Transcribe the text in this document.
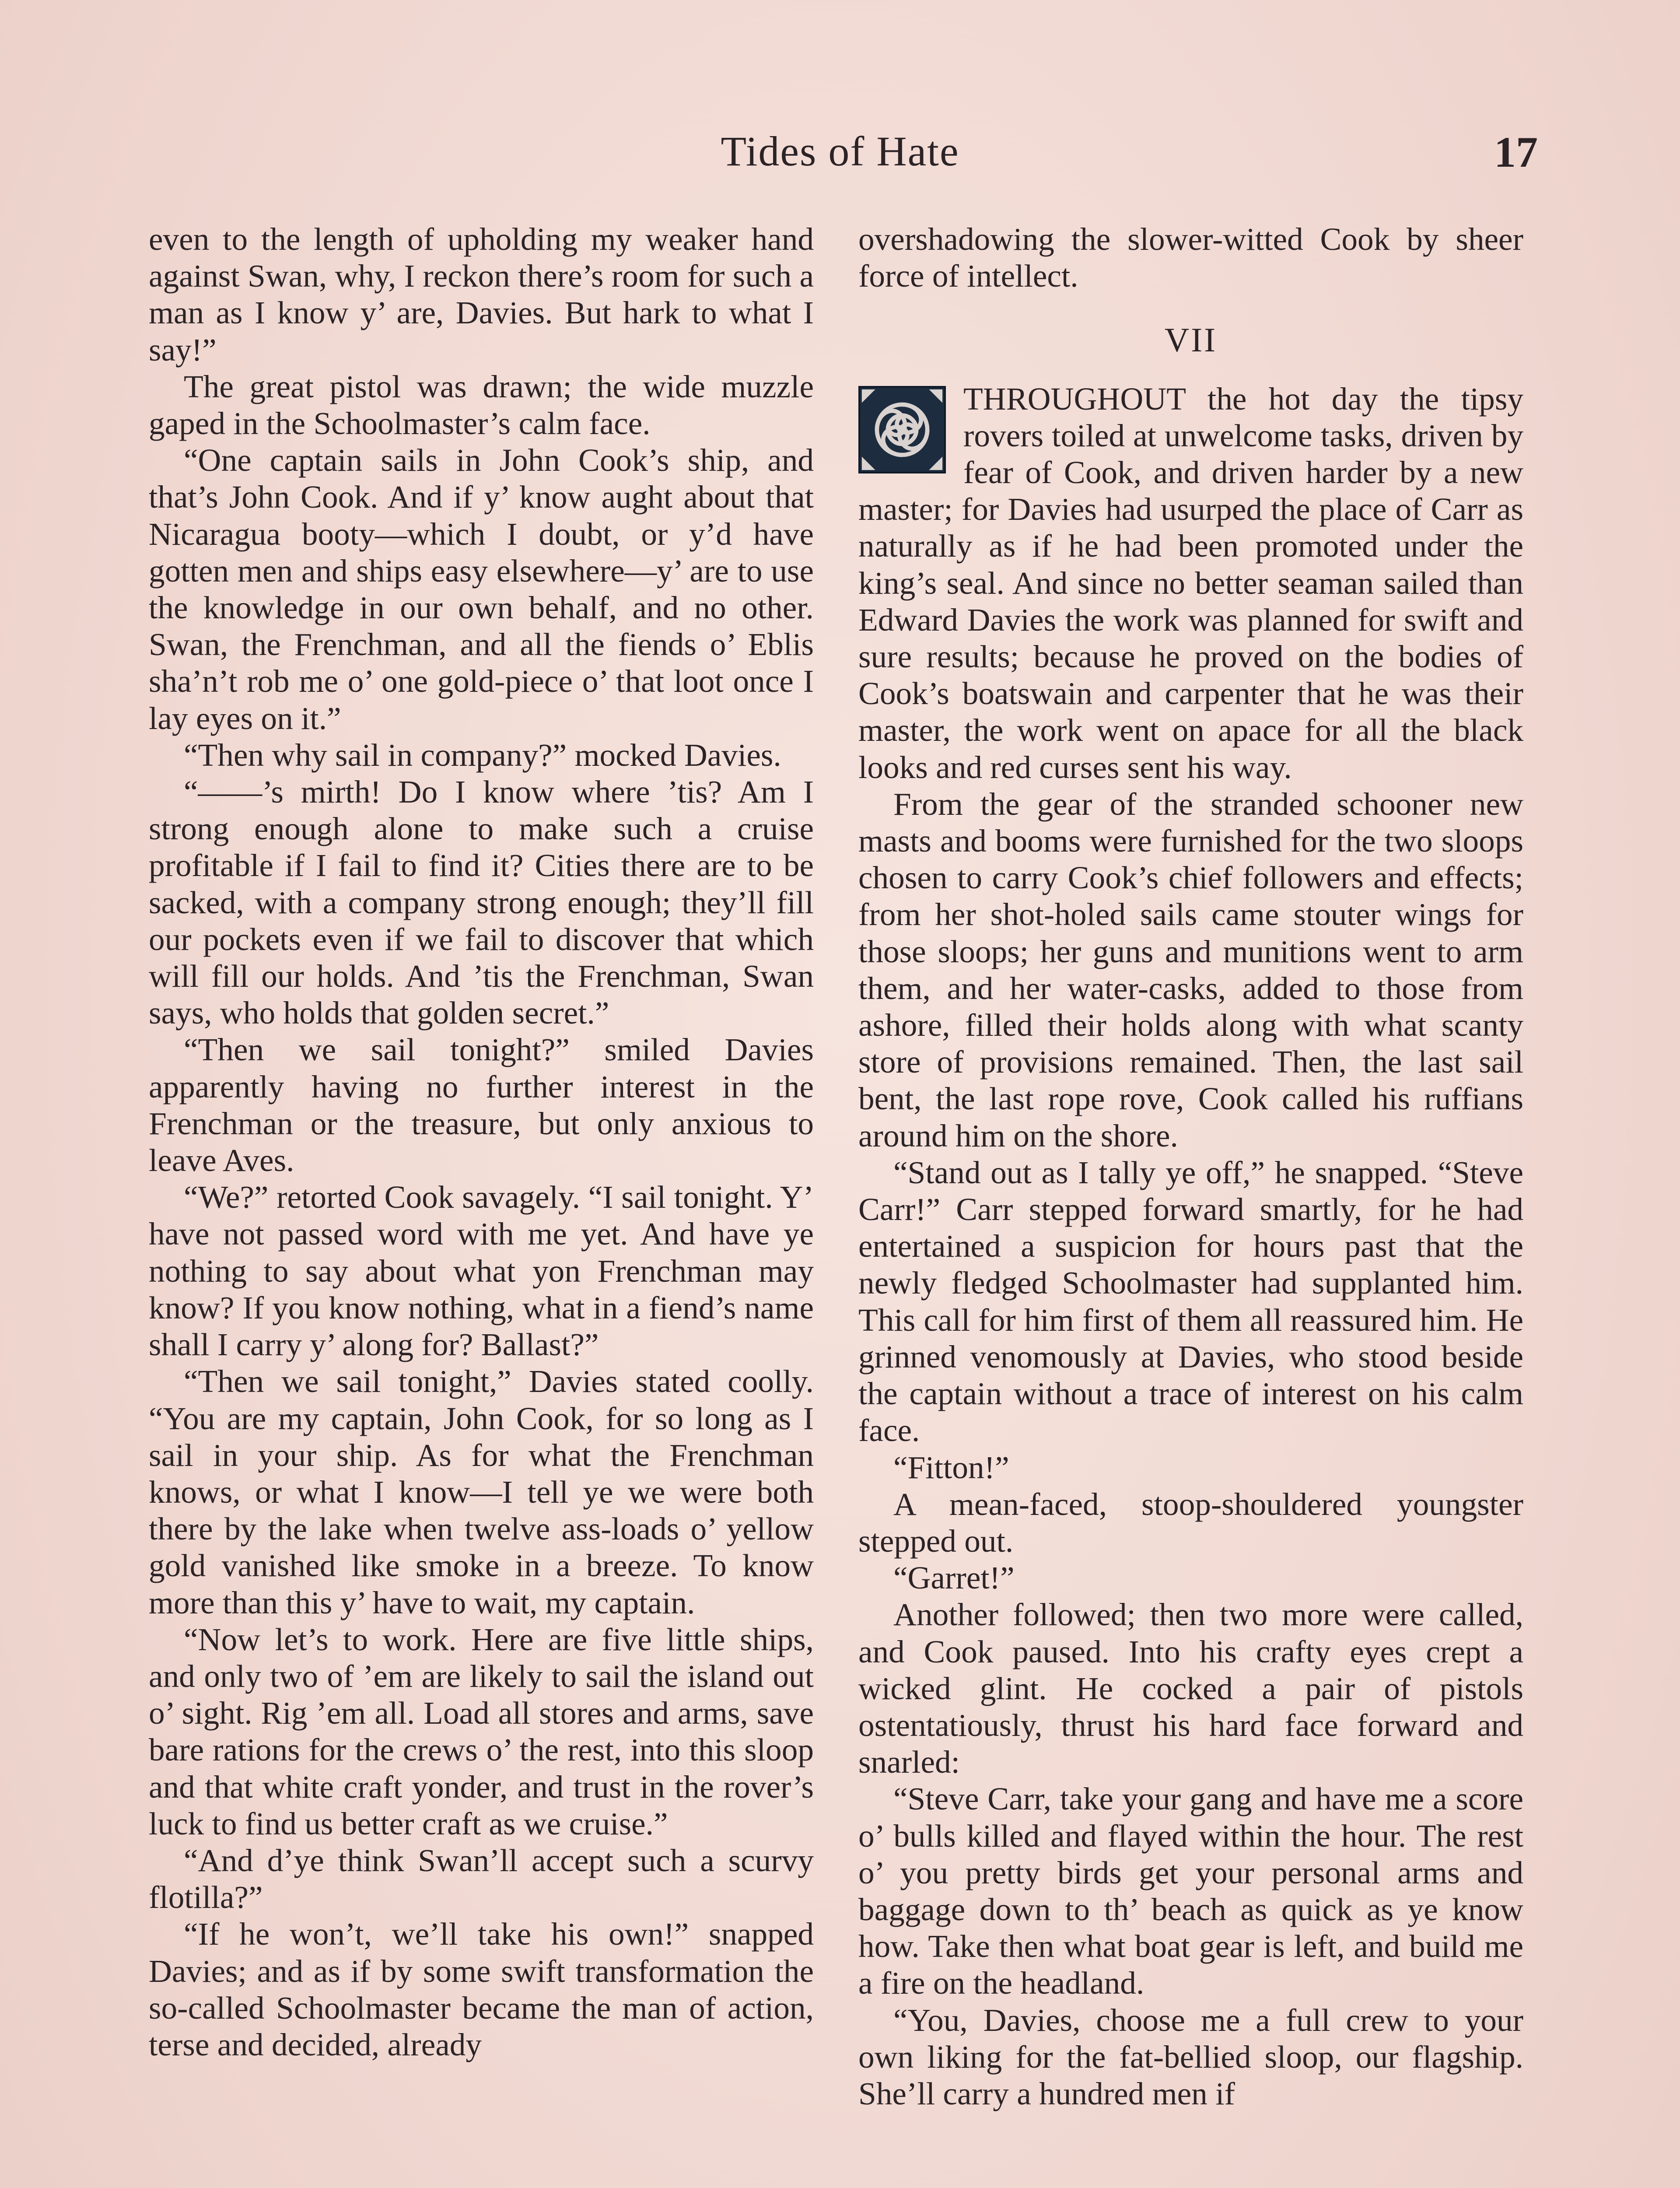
Tides of Hate	17

even to the length of upholding my weaker hand against Swan, why, I reckon there’s room for such a man as I know y’ are, Davies. But hark to what I say!”

The great pistol was drawn; the wide muzzle gaped in the Schoolmaster’s calm face.

“One captain sails in John Cook’s ship, and that’s John Cook. And if y’ know aught about that Nicaragua booty—which I doubt, or y’d have gotten men and ships easy elsewhere—y’ are to use the knowledge in our own behalf, and no other. Swan, the Frenchman, and all the fiends o’ Eblis sha’n’t rob me o’ one gold-piece o’ that loot once I lay eyes on it.”

“Then why sail in company?” mocked Davies.

“——’s mirth! Do I know where ’tis? Am I strong enough alone to make such a cruise profitable if I fail to find it? Cities there are to be sacked, with a company strong enough; they’ll fill our pockets even if we fail to discover that which will fill our holds. And ’tis the Frenchman, Swan says, who holds that golden secret.”

“Then we sail tonight?” smiled Davies apparently having no further interest in the Frenchman or the treasure, but only anxious to leave Aves.

“We?” retorted Cook savagely. “I sail tonight. Y’ have not passed word with me yet. And have ye nothing to say about what yon Frenchman may know? If you know nothing, what in a fiend’s name shall I carry y’ along for? Ballast?”

“Then we sail tonight,” Davies stated coolly. “You are my captain, John Cook, for so long as I sail in your ship. As for what the Frenchman knows, or what I know—I tell ye we were both there by the lake when twelve ass-loads o’ yellow gold vanished like smoke in a breeze. To know more than this y’ have to wait, my captain.

“Now let’s to work. Here are five little ships, and only two of ’em are likely to sail the island out o’ sight. Rig ’em all. Load all stores and arms, save bare rations for the crews o’ the rest, into this sloop and that white craft yonder, and trust in the rover’s luck to find us better craft as we cruise.”

“And d’ye think Swan’ll accept such a scurvy flotilla?”

“If he won’t, we’ll take his own!” snapped Davies; and as if by some swift transformation the so-called Schoolmaster became the man of action, terse and decided, already

overshadowing the slower-witted Cook by sheer force of intellect.

VII

THROUGHOUT the hot day the tipsy rovers toiled at unwelcome tasks, driven by fear of Cook, and driven harder by a new master; for Davies had usurped the place of Carr as naturally as if he had been promoted under the king’s seal. And since no better seaman sailed than Edward Davies the work was planned for swift and sure results; because he proved on the bodies of Cook’s boatswain and carpenter that he was their master, the work went on apace for all the black looks and red curses sent his way.

From the gear of the stranded schooner new masts and booms were furnished for the two sloops chosen to carry Cook’s chief followers and effects; from her shot-holed sails came stouter wings for those sloops; her guns and munitions went to arm them, and her water-casks, added to those from ashore, filled their holds along with what scanty store of provisions remained. Then, the last sail bent, the last rope rove, Cook called his ruffians around him on the shore.

“Stand out as I tally ye off,” he snapped. “Steve Carr!” Carr stepped forward smartly, for he had entertained a suspicion for hours past that the newly fledged Schoolmaster had supplanted him. This call for him first of them all reassured him. He grinned venomously at Davies, who stood beside the captain without a trace of interest on his calm face.

“Fitton!”

A mean-faced, stoop-shouldered youngster stepped out.

“Garret!”

Another followed; then two more were called, and Cook paused. Into his crafty eyes crept a wicked glint. He cocked a pair of pistols ostentatiously, thrust his hard face forward and snarled:

“Steve Carr, take your gang and have me a score o’ bulls killed and flayed within the hour. The rest o’ you pretty birds get your personal arms and baggage down to th’ beach as quick as ye know how. Take then what boat gear is left, and build me a fire on the headland.

“You, Davies, choose me a full crew to your own liking for the fat-bellied sloop, our flagship. She’ll carry a hundred men if
